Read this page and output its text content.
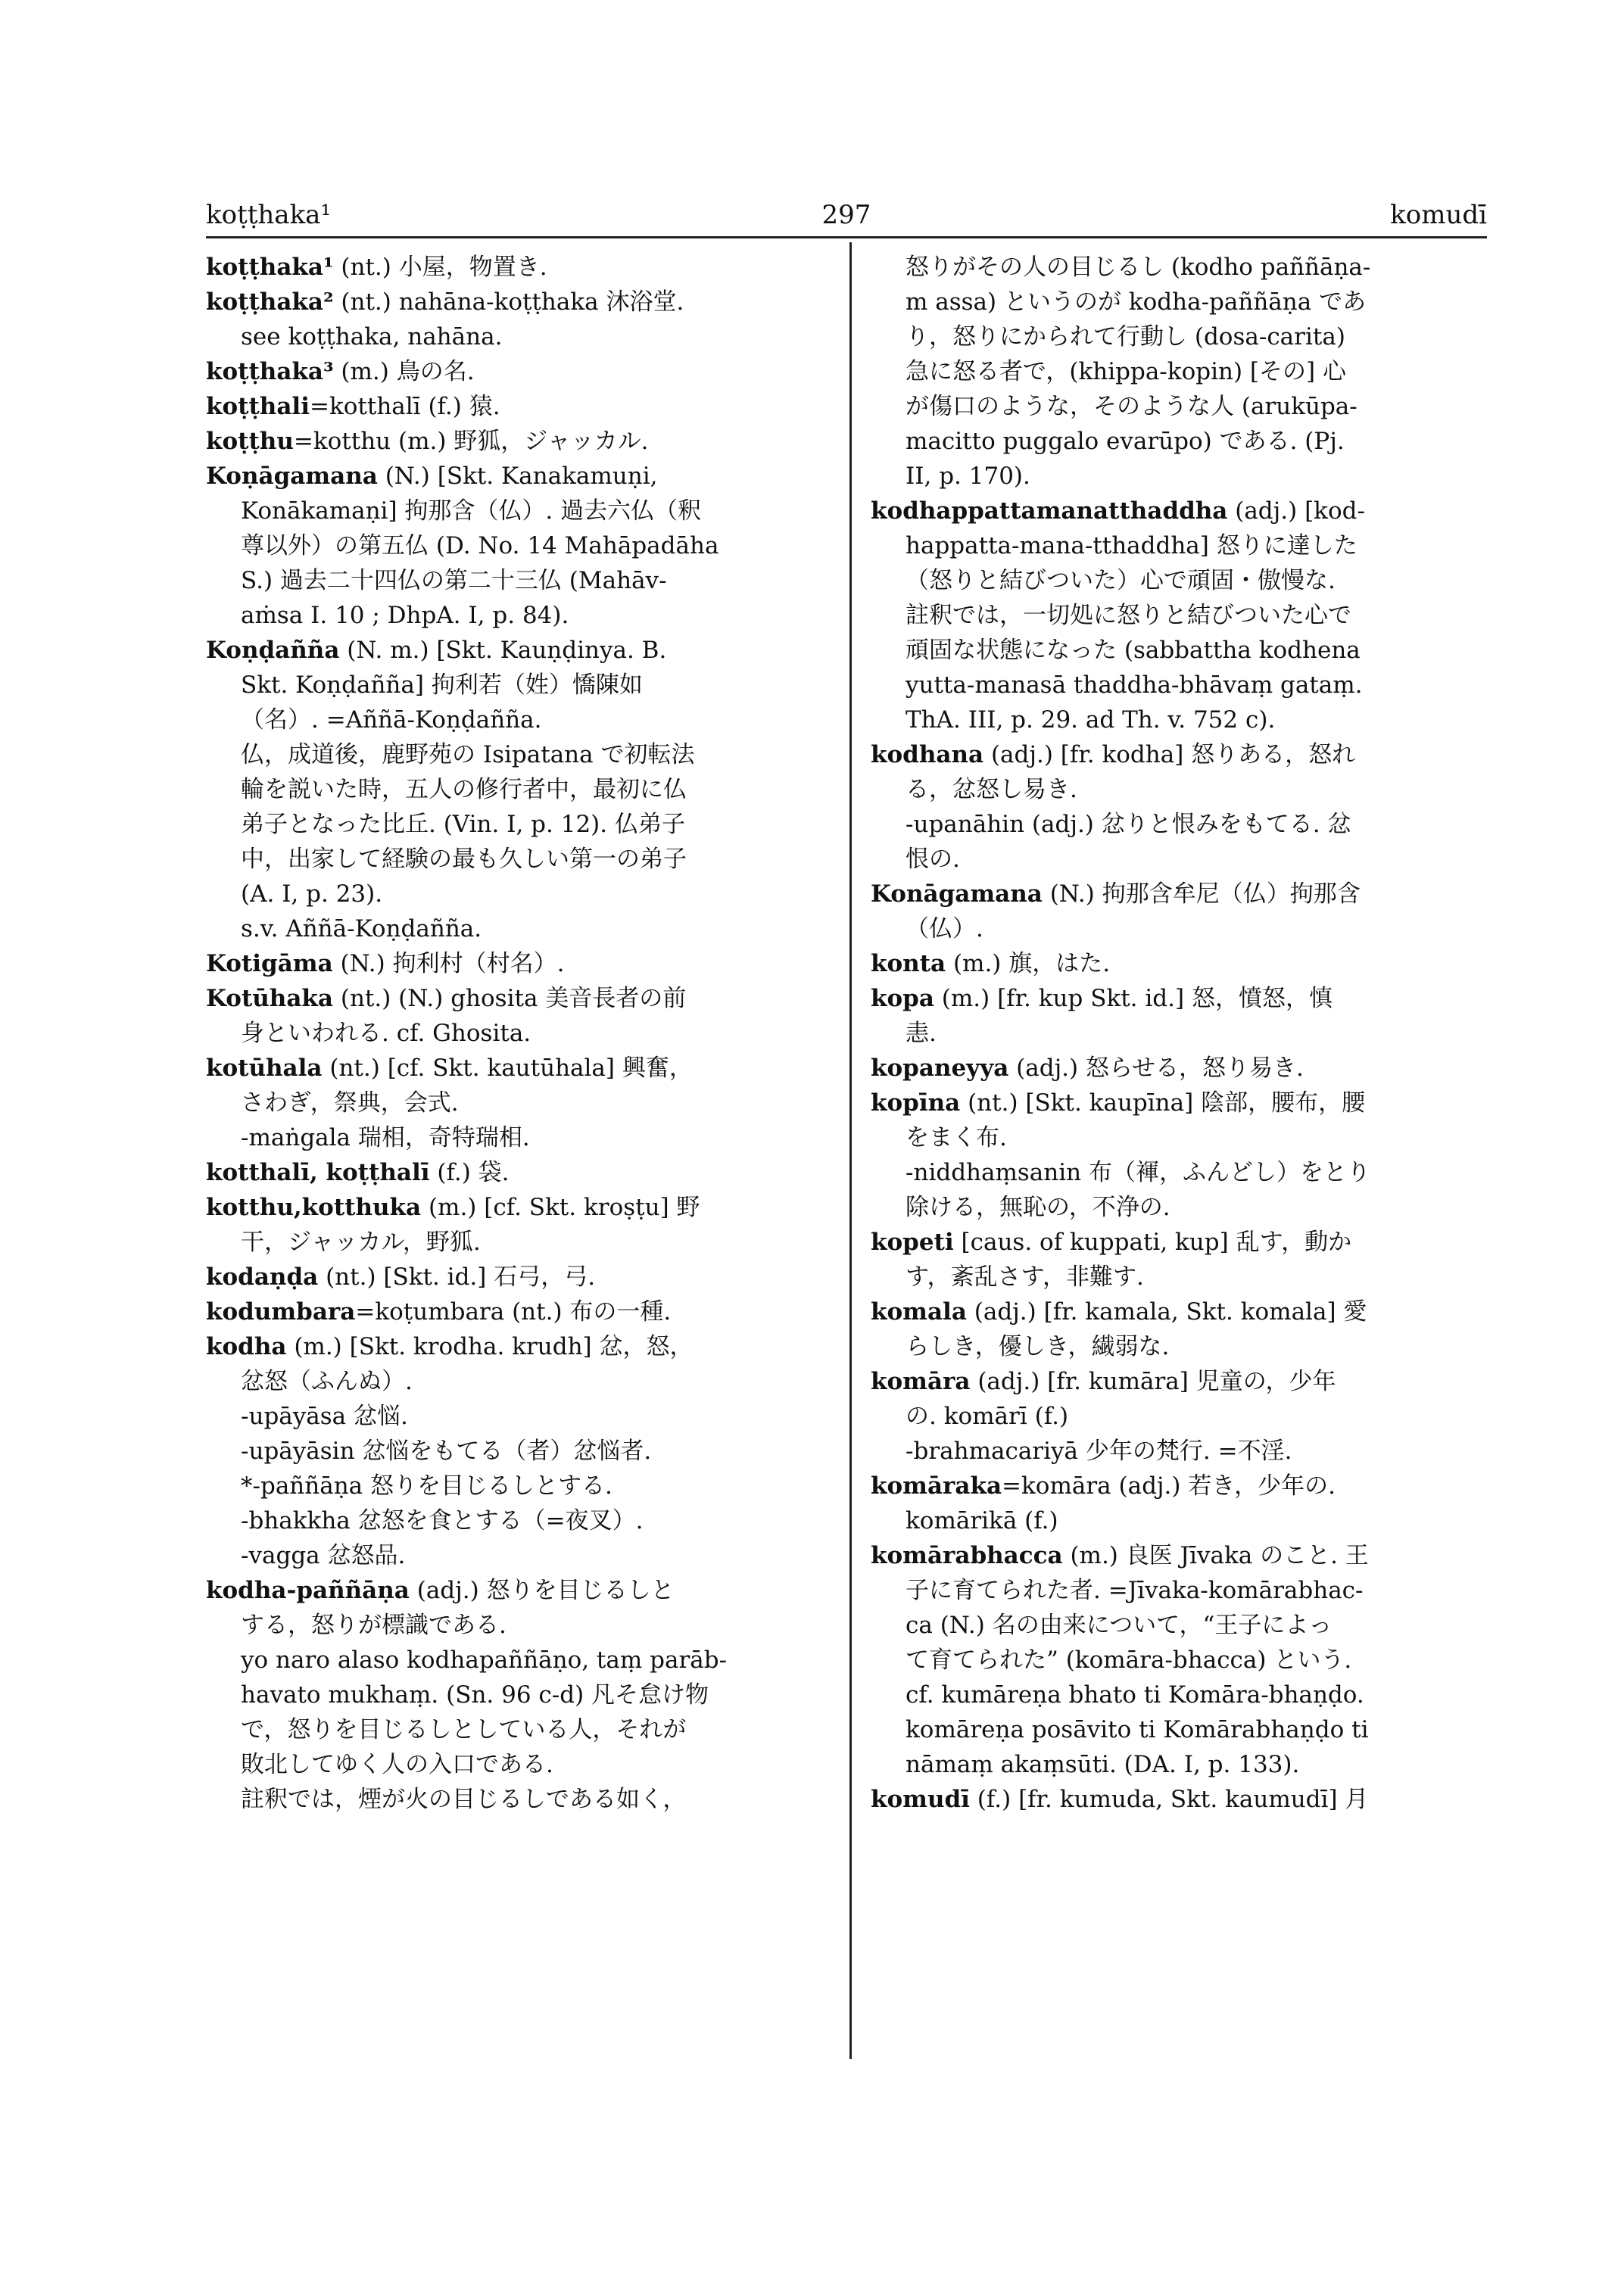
koṭṭhaka¹	297	komudī
koṭṭhaka¹ (nt.) 小屋，物置き.
koṭṭhaka² (nt.) nahāna-koṭṭhaka 沐浴堂.
see koṭṭhaka, nahāna.
koṭṭhaka³ (m.) 鳥の名.
koṭṭhali=kotthalī (f.) 猿.
koṭṭhu=kotthu (m.) 野狐，ジャッカル.
Koṇāgamana (N.) [Skt. Kanakamuṇi,
Konākamaṇi] 拘那含（仏）. 過去六仏（釈
尊以外）の第五仏 (D. No. 14 Mahāpadāha
S.) 過去二十四仏の第二十三仏 (Mahāv-
aṁsa I. 10 ; DhpA. I, p. 84).
Koṇḍañña (N. m.) [Skt. Kauṇḍinya. B.
Skt. Koṇḍañña] 拘利若（姓）憍陳如
（名）. =Aññā-Koṇḍañña.
仏，成道後，鹿野苑の Isipatana で初転法
輪を説いた時，五人の修行者中，最初に仏
弟子となった比丘. (Vin. I, p. 12). 仏弟子
中，出家して経験の最も久しい第一の弟子
(A. I, p. 23).
s.v. Aññā-Koṇḍañña.
Kotigāma (N.) 拘利村（村名）.
Kotūhaka (nt.) (N.) ghosita 美音長者の前
身といわれる. cf. Ghosita.
kotūhala (nt.) [cf. Skt. kautūhala] 興奮，
さわぎ，祭典，会式.
-maṅgala 瑞相，奇特瑞相.
kotthalī, koṭṭhalī (f.) 袋.
kotthu,kotthuka (m.) [cf. Skt. kroṣṭu] 野
干，ジャッカル，野狐.
kodaṇḍa (nt.) [Skt. id.] 石弓，弓.
kodumbara=koṭumbara (nt.) 布の一種.
kodha (m.) [Skt. krodha. krudh] 忿，怒，
忿怒（ふんぬ）.
-upāyāsa 忿悩.
-upāyāsin 忿悩をもてる（者）忿悩者.
*-paññāṇa 怒りを目じるしとする.
-bhakkha 忿怒を食とする（=夜叉）.
-vagga 忿怒品.
kodha-paññāṇa (adj.) 怒りを目じるしと
する，怒りが標識である.
yo naro alaso kodhapaññāṇo, taṃ parāb-
havato mukhaṃ. (Sn. 96 c-d) 凡そ怠け物
で，怒りを目じるしとしている人，それが
敗北してゆく人の入口である.
註釈では，煙が火の目じるしである如く，
怒りがその人の目じるし (kodho paññāṇa-
m assa) というのが kodha-paññāṇa であ
り，怒りにかられて行動し (dosa-carita)
急に怒る者で，(khippa-kopin) [その] 心
が傷口のような，そのような人 (arukūpa-
macitto puggalo evarūpo) である. (Pj.
II, p. 170).
kodhappattamanatthaddha (adj.) [kod-
happatta-mana-tthaddha] 怒りに達した
（怒りと結びついた）心で頑固・傲慢な.
註釈では，一切処に怒りと結びついた心で
頑固な状態になった (sabbattha kodhena
yutta-manasā thaddha-bhāvaṃ gataṃ.
ThA. III, p. 29. ad Th. v. 752 c).
kodhana (adj.) [fr. kodha] 怒りある，怒れ
る，忿怒し易き.
-upanāhin (adj.) 忿りと恨みをもてる. 忿
恨の.
Konāgamana (N.) 拘那含牟尼（仏）拘那含
（仏）.
konta (m.) 旗，はた.
kopa (m.) [fr. kup Skt. id.] 怒，憤怒，慎
恚.
kopaneyya (adj.) 怒らせる，怒り易き.
kopīna (nt.) [Skt. kaupīna] 陰部，腰布，腰
をまく布.
-niddhaṃsanin 布（褌，ふんどし）をとり
除ける，無恥の，不浄の.
kopeti [caus. of kuppati, kup] 乱す，動か
す，紊乱さす，非難す.
komala (adj.) [fr. kamala, Skt. komala] 愛
らしき，優しき，繊弱な.
komāra (adj.) [fr. kumāra] 児童の，少年
の. komārī (f.)
-brahmacariyā 少年の梵行. =不淫.
komāraka=komāra (adj.) 若き，少年の.
komārikā (f.)
komārabhacca (m.) 良医 Jīvaka のこと. 王
子に育てられた者. =Jīvaka-komārabhac-
ca (N.) 名の由来について，“王子によっ
て育てられた” (komāra-bhacca) という.
cf. kumāreṇa bhato ti Komāra-bhaṇḍo.
komāreṇa posāvito ti Komārabhaṇḍo ti
nāmaṃ akaṃsūti. (DA. I, p. 133).
komudī (f.) [fr. kumuda, Skt. kaumudī] 月
